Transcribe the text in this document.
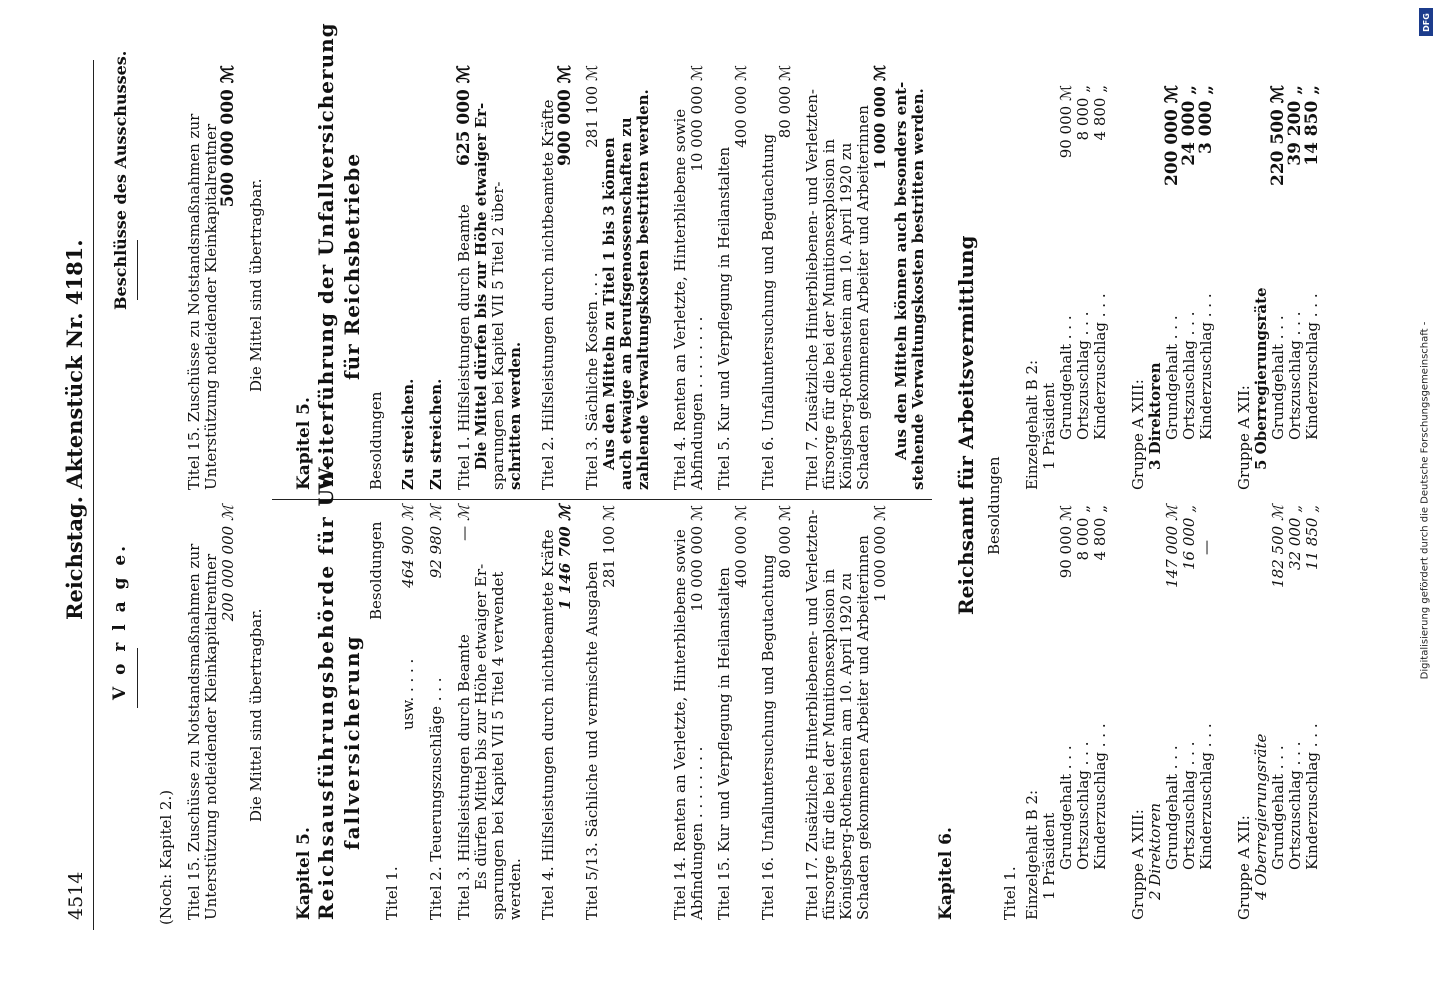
4514
Reichstag. Aktenstück Nr. 4181.
V o r l a g e.
(Noch: Kapitel 2.) Titel 15. Zuschüsse zu Notstandsmaßnahmen zur Unterstützung notleidender Kleinkapitalrentner 200 000 000 ℳ
Die Mittel sind übertragbar.
Kapitel 5. Reichsausführungsbehörde für Un- fallversicherung
Besoldungen
Titel 1.
usw. . . . .
464 900 ℳ
Titel 2. Teuerungszuschläge . . .
92 980 ℳ
Titel 3. Hilfsleistungen durch Beamte
— ℳ
Es dürfen Mittel bis zur Höhe etwaiger Er- sparungen bei Kapitel VII 5 Titel 4 verwendet werden. Titel 4. Hilfsleistungen durch nichtbeamtete Kräfte 1 146 700 ℳ
Titel 5/13. Sächliche und vermischte Ausgaben
281 100 ℳ	Titel 14. Renten an Verletzte, Hinterbliebene sowie Abfindungen . . . . . . . .
10 000 000 ℳ
Titel 15. Kur und Verpflegung in Heilanstalten
400 000 ℳ
Titel 16. Unfalluntersuchung und Begutachtung
80 000 ℳ Titel 17. Zusätzliche Hinterbliebenen- und Verletzten- fürsorge für die bei der Munitionsexplosion in Königsberg-Rothenstein am 10. April 1920 zu Schaden gekommenen Arbeiter und Arbeiterinnen 1 000 000 ℳ
Beschlüsse des Ausschusses.	Titel 15. Zuschüsse zu Notstandsmaßnahmen zur Unterstützung notleidender Kleinkapitalrentner
500 000 000 ℳ
Die Mittel sind übertragbar.
Kapitel 5. Weiterführung der Unfallversicherung für Reichsbetriebe
Besoldungen Zu streichen. Zu streichen. Titel 1. Hilfsleistungen durch Beamte
625 000 ℳ
Die Mittel dürfen bis zur Höhe etwaiger Er- sparungen bei Kapitel VII 5 Titel 2 über- schritten werden. Titel 2. Hilfsleistungen durch nichtbeamtete Kräfte
900 000 ℳ
Titel 3. Sächliche Kosten . . .
281 100 ℳ
Aus den Mitteln zu Titel 1 bis 3 können auch etwaige an Berufsgenossenschaften zu zahlende Verwaltungskosten bestritten werden. Titel 4. Renten an Verletzte, Hinterbliebene sowie Abfindungen . . . . . . . .
10 000 000 ℳ
Titel 5. Kur und Verpflegung in Heilanstalten
400 000 ℳ
Titel 6. Unfalluntersuchung und Begutachtung
80 000 ℳ Titel 7. Zusätzliche Hinterbliebenen- und Verletzten- fürsorge für die bei der Munitionsexplosion in Königsberg-Rothenstein am 10. April 1920 zu Schaden gekommenen Arbeiter und Arbeiterinnen 1 000 000 ℳ Aus den Mitteln können auch besonders ent- stehende Verwaltungskosten bestritten werden.
Kapitel 6.
Reichsamt für Arbeitsvermittlung Besoldungen
Titel 1. Einzelgehalt B 2: 1 Präsident Grundgehalt . . . Ortszuschlag . . . Kinderzuschlag . . .
90 000 ℳ 8 000 „ 4 800 „
Gruppe A XIII: 2 Direktoren Grundgehalt . . . Ortszuschlag . . . Kinderzuschlag . . .
147 000 ℳ 16 000 „ —
Gruppe A XII: 4 Oberregierungsräte Grundgehalt . . . Ortszuschlag . . . Kinderzuschlag . . .
182 500 ℳ 32 000 „ 11 850 „
Einzelgehalt B 2: 1 Präsident Grundgehalt . . . Ortszuschlag . . . Kinderzuschlag . . .
90 000 ℳ 8 000 „ 4 800 „
Gruppe A XIII: 3 Direktoren Grundgehalt . . . Ortszuschlag . . . Kinderzuschlag . . .
200 000 ℳ
24 000 „
3 000 „
Gruppe A XII: 5 Oberregierungsräte Grundgehalt . . . Ortszuschlag . . . Kinderzuschlag . . .
220 500 ℳ
39 200 „
14 850 „
Digitalisierung gefördert durch die Deutsche Forschungsgemeinschaft -
DFG
